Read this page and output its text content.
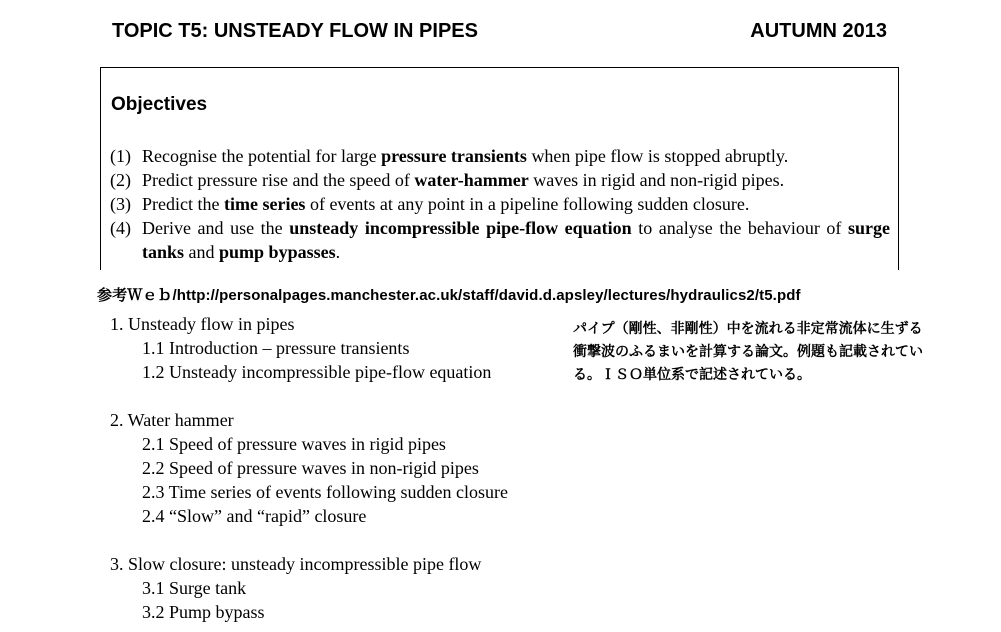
TOPIC T5: UNSTEADY FLOW IN PIPES	AUTUMN 2013
Objectives
(1) Recognise the potential for large pressure transients when pipe flow is stopped abruptly.
(2) Predict pressure rise and the speed of water-hammer waves in rigid and non-rigid pipes.
(3) Predict the time series of events at any point in a pipeline following sudden closure.
(4) Derive and use the unsteady incompressible pipe-flow equation to analyse the behaviour of surge tanks and pump bypasses.
参考Ｗｅｂ/http://personalpages.manchester.ac.uk/staff/david.d.apsley/lectures/hydraulics2/t5.pdf
1. Unsteady flow in pipes
1.1 Introduction – pressure transients
1.2 Unsteady incompressible pipe-flow equation
2. Water hammer
2.1 Speed of pressure waves in rigid pipes
2.2 Speed of pressure waves in non-rigid pipes
2.3 Time series of events following sudden closure
2.4 “Slow” and “rapid” closure
3. Slow closure: unsteady incompressible pipe flow
3.1 Surge tank
3.2 Pump bypass
パイプ（剛性、非剛性）中を流れる非定常流体に生ずる
衝撃波のふるまいを計算する論文。例題も記載されてい
る。ＩＳＯ単位系で記述されている。
